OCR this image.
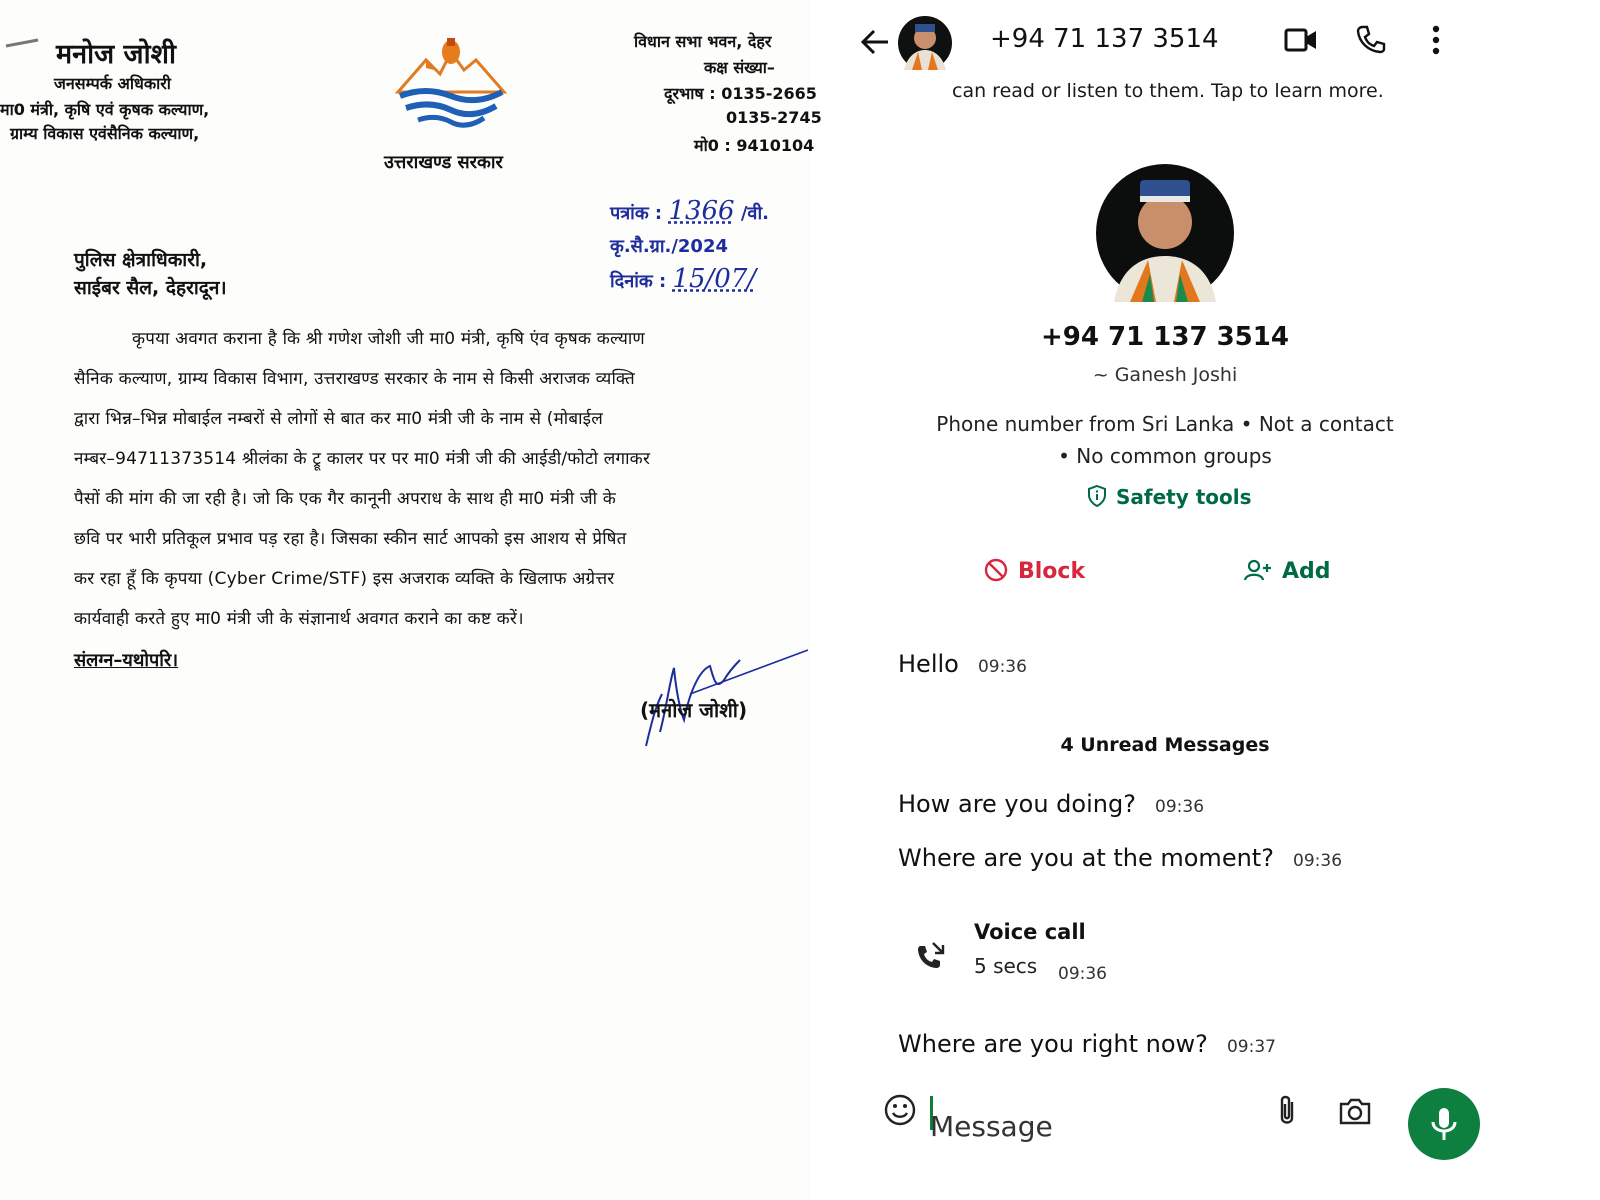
मनोज जोशी
जनसम्पर्क अधिकारी
मा0 मंत्री, कृषि एवं कृषक कल्याण,
ग्राम्य विकास एवंसैनिक कल्याण,
उत्तराखण्ड सरकार
विधान सभा भवन, देहर
कक्ष संख्या–
दूरभाष : 0135-2665
0135-2745
मो0 : 9410104
पत्रांक : 1366 /वी.
कृ.सै.ग्रा./2024
दिनांक : 15/07/
पुलिस क्षेत्राधिकारी,
साईबर सैल, देहरादून।
कृपया अवगत कराना है कि श्री गणेश जोशी जी मा0 मंत्री, कृषि एंव कृषक कल्याण
सैनिक कल्याण, ग्राम्य विकास विभाग, उत्तराखण्ड सरकार के नाम से किसी अराजक व्यक्ति
द्वारा भिन्न–भिन्न मोबाईल नम्बरों से लोगों से बात कर मा0 मंत्री जी के नाम से (मोबाईल
नम्बर–94711373514 श्रीलंका के ट्रू कालर पर पर मा0 मंत्री जी की आईडी/फोटो लगाकर
पैसों की मांग की जा रही है। जो कि एक गैर कानूनी अपराध के साथ ही मा0 मंत्री जी के
छवि पर भारी प्रतिकूल प्रभाव पड़ रहा है। जिसका स्कीन सार्ट आपको इस आशय से प्रेषित
कर रहा हूँ कि कृपया (Cyber Crime/STF) इस अजराक व्यक्ति के खिलाफ अग्रेत्तर
कार्यवाही करते हुए मा0 मंत्री जी के संज्ञानार्थ अवगत कराने का कष्ट करें।
संलग्न–यथोपरि।
(मनोज जोशी)
+94 71 137 3514
can read or listen to them. Tap to learn more.
+94 71 137 3514
~ Ganesh Joshi
Phone number from Sri Lanka • Not a contact
• No common groups
Safety tools
Block	Add
Hello 09:36
4 Unread Messages
How are you doing? 09:36
Where are you at the moment? 09:36
Voice call
5 secs 09:36
Where are you right now? 09:37
Message
